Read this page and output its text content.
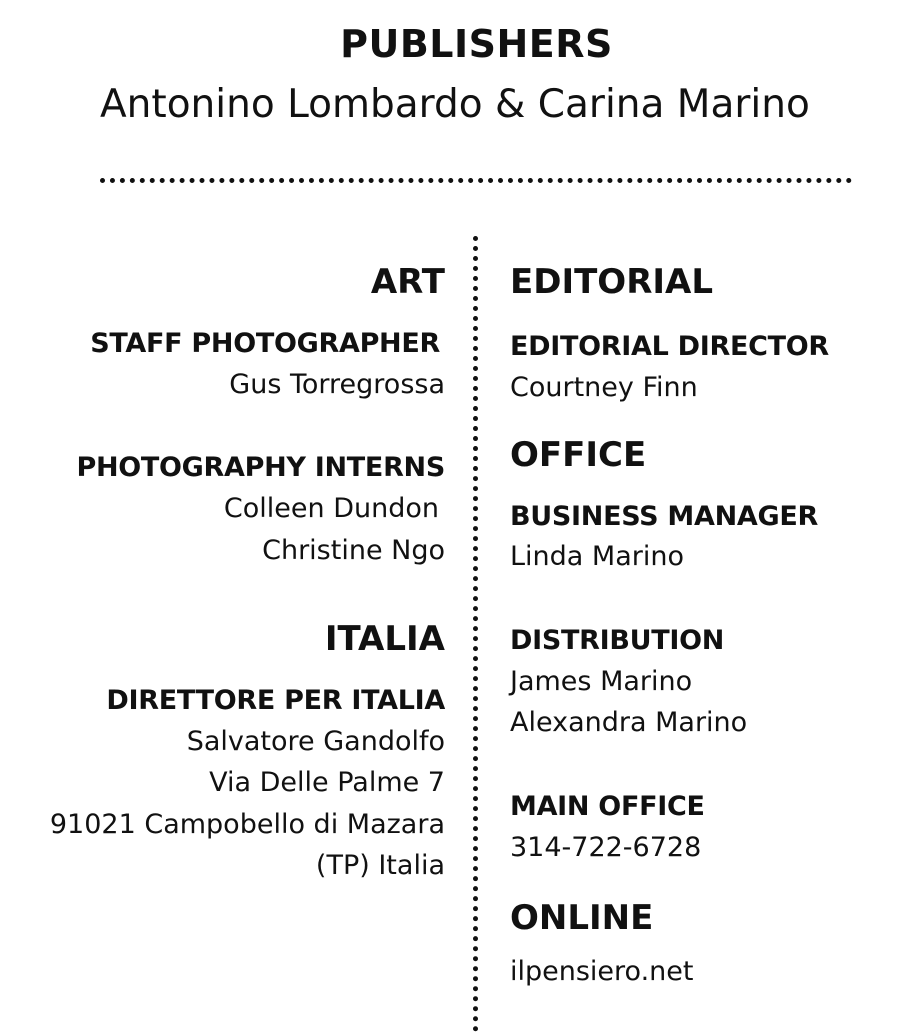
PUBLISHERS
Antonino Lombardo & Carina Marino
ART
STAFF PHOTOGRAPHER
Gus Torregrossa
PHOTOGRAPHY INTERNS
Colleen Dundon
Christine Ngo
ITALIA
DIRETTORE PER ITALIA
Salvatore Gandolfo
Via Delle Palme 7
91021 Campobello di Mazara
(TP) Italia
EDITORIAL
EDITORIAL DIRECTOR
Courtney Finn
OFFICE
BUSINESS MANAGER
Linda Marino
DISTRIBUTION
James Marino
Alexandra Marino
MAIN OFFICE
314-722-6728
ONLINE
ilpensiero.net
